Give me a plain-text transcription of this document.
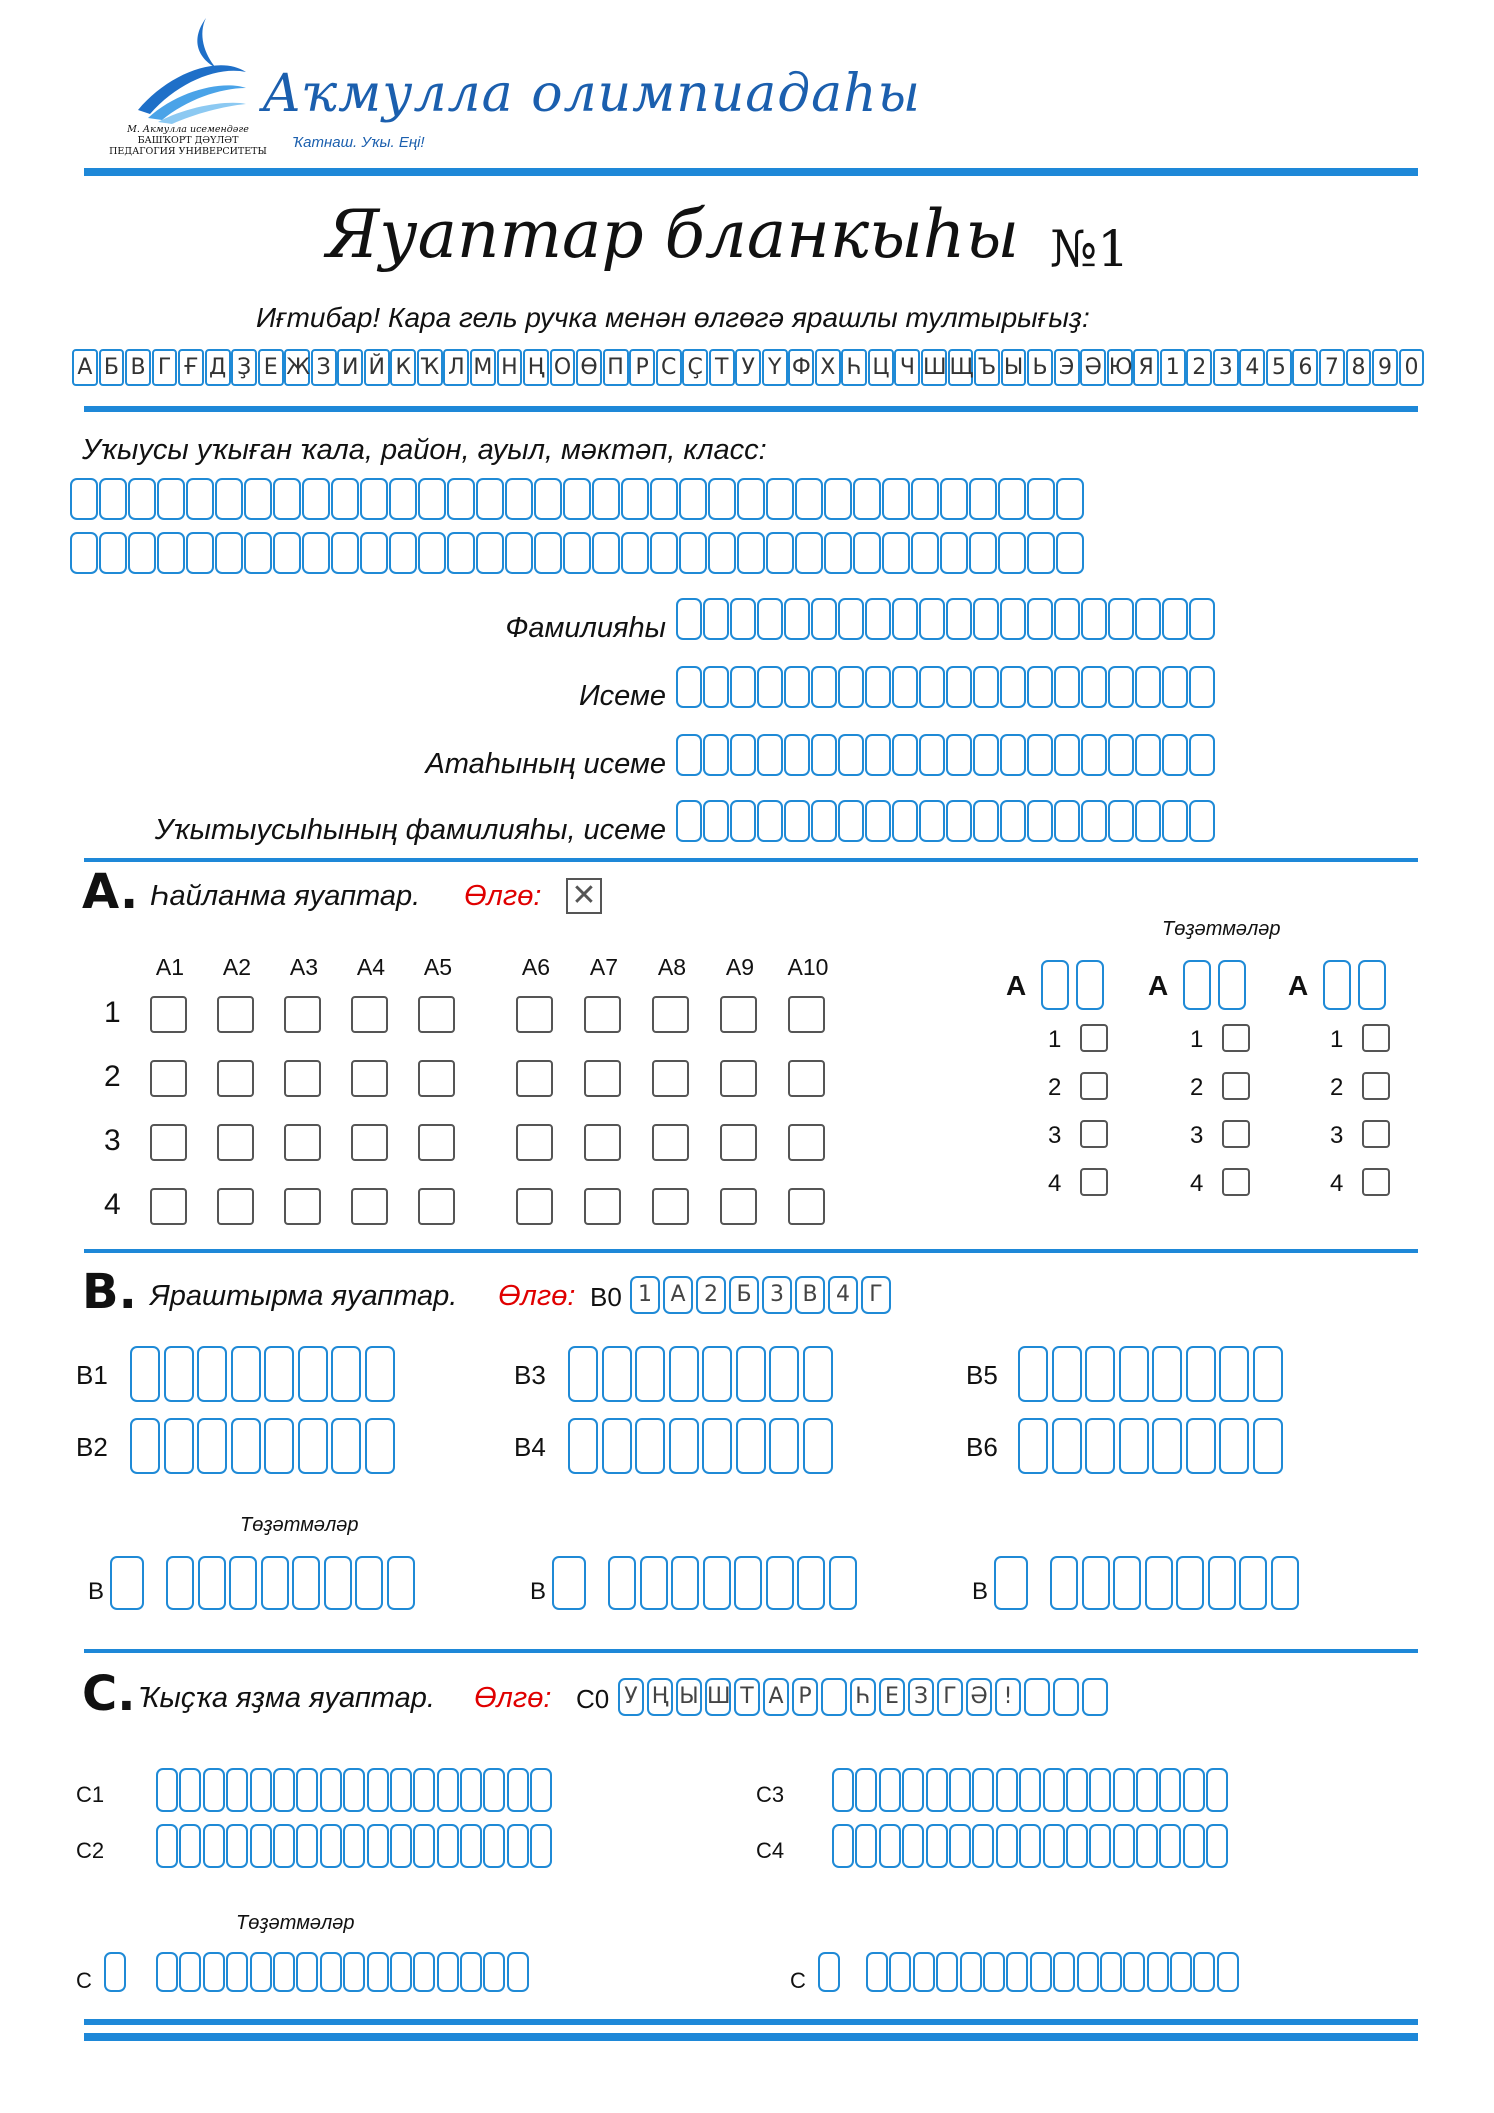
М. Акмулла исемендәге
БАШҠОРТ ДӘҮЛӘТ
ПЕДАГОГИЯ УНИВЕРСИТЕТЫ
Аҡмулла олимпиадаһы
Ҡатнаш. Уҡы. Еңі!
Яуаптар бланкыһы №1
Иғтибар! Кара гель ручка менән өлгөгә ярашлы тултырығыҙ:
А Б В Г Ғ Д Ҙ Е Ж З И Й К Ҡ Л М Н Ң О Ө П Р С Ҫ Т У Ү Ф Х Һ Ц Ч Ш Щ Ъ Ы Ь Э Ә Ю Я 1 2 3 4 5 6 7 8 9 0
Уҡыусы уҡыған ҡала, район, ауыл, мәктәп, класс:
Фамилияһы
Исеме
Атаһының исеме
Уҡытыусыһының фамилияһы, исеме
A. Һайланма яуаптар. Өлгө: ✕
A1	A2	A3	A4	A5	A6	A7	A8	A9	A10
1
2
3
4
Төҙәтмәләр
A
1
2
3
4
A
1
2
3
4
A
1
2
3
4
B. Яраштырма яуаптар. Өлгө: B0 1 А 2 Б 3 В 4 Г
B1
B2
B3
B4
B5
B6
Төҙәтмәләр
B	B	B
C. Ҡыҫҡа яҙма яуаптар. Өлгө: C0 У Ң Ы Ш Т А Р Һ Е З Г Ә !
C1
C2
C3
C4
Төҙәтмәләр
C	C
